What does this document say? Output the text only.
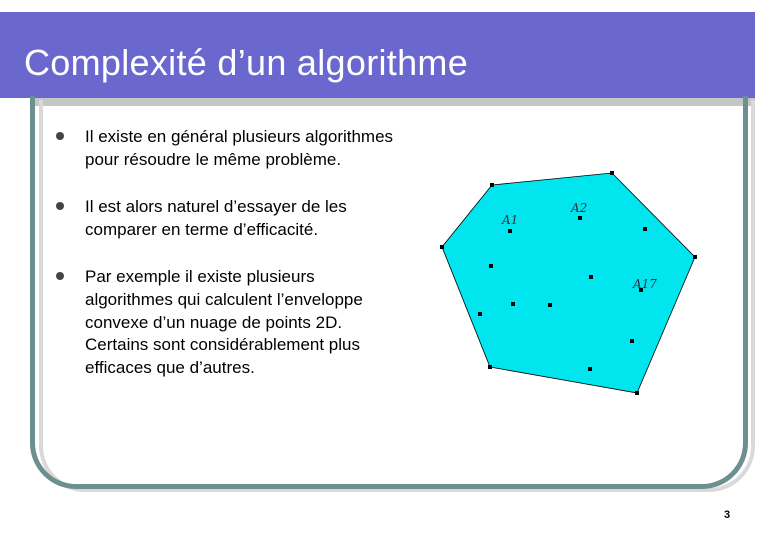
Complexité d’un algorithme
Il existe en général plusieurs algorithmes pour résoudre le même problème.
Il est alors naturel d’essayer de les comparer en terme d’efficacité.
Par exemple il existe plusieurs algorithmes qui calculent l’enveloppe convexe d’un nuage de points 2D. Certains sont considérablement plus efficaces que d’autres.
A1
A2
A17
3
